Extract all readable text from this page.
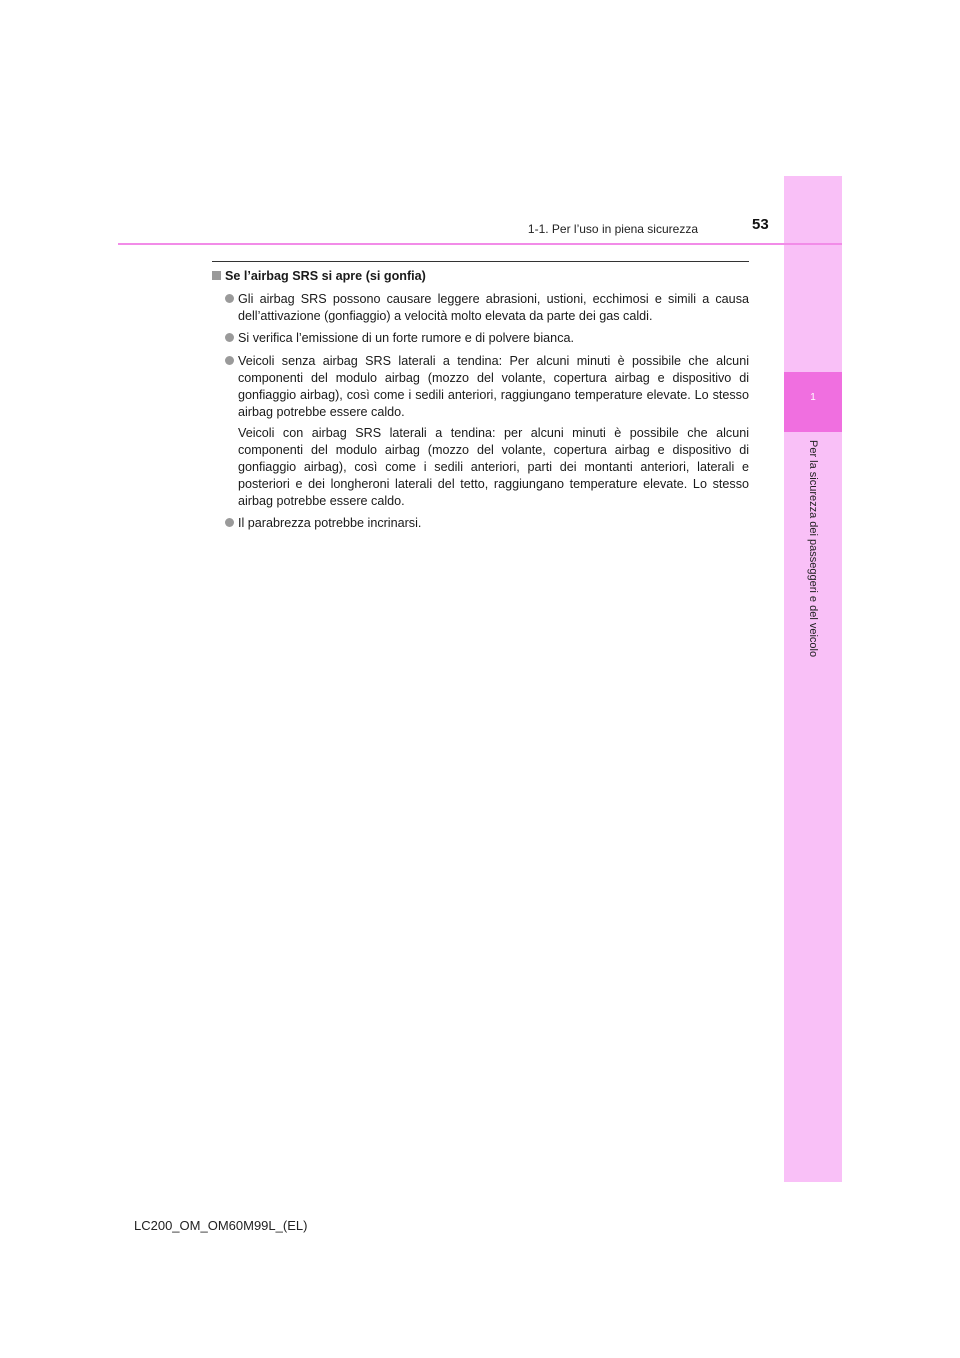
1
Per la sicurezza dei passeggeri e del veicolo
1-1. Per l’uso in piena sicurezza	53
Se l’airbag SRS si apre (si gonfia)

Gli airbag SRS possono causare leggere abrasioni, ustioni, ecchimosi e simili a causa dell’attivazione (gonfiaggio) a velocità molto elevata da parte dei gas caldi.

Si verifica l’emissione di un forte rumore e di polvere bianca.

Veicoli senza airbag SRS laterali a tendina: Per alcuni minuti è possibile che alcuni componenti del modulo airbag (mozzo del volante, copertura airbag e dispositivo di gonfiaggio airbag), così come i sedili anteriori, raggiungano temperature elevate. Lo stesso airbag potrebbe essere caldo.

Veicoli con airbag SRS laterali a tendina: per alcuni minuti è possibile che alcuni componenti del modulo airbag (mozzo del volante, copertura airbag e dispositivo di gonfiaggio airbag), così come i sedili anteriori, parti dei montanti anteriori, laterali e posteriori e dei longheroni laterali del tetto, raggiungano temperature elevate. Lo stesso airbag potrebbe essere caldo.

Il parabrezza potrebbe incrinarsi.

LC200_OM_OM60M99L_(EL)
